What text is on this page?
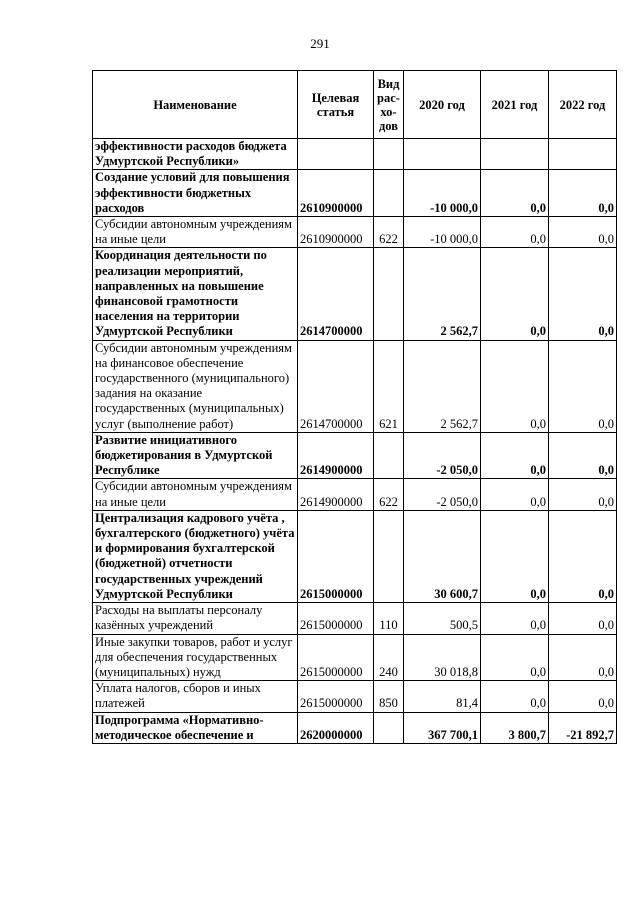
291
Наименование	Целевая статья	Вид рас-хо-дов	2020 год	2021 год	2022 год
эффективности расходов бюджета Удмуртской Республики»					
Создание условий для повышения эффективности бюджетных расходов	2610900000		-10 000,0	0,0	0,0
Субсидии автономным учреждениям на иные цели	2610900000	622	-10 000,0	0,0	0,0
Координация деятельности по реализации мероприятий, направленных на повышение финансовой грамотности населения на территории Удмуртской Республики	2614700000		2 562,7	0,0	0,0
Субсидии автономным учреждениям на финансовое обеспечение государственного (муниципального) задания на оказание государственных (муниципальных) услуг (выполнение работ)	2614700000	621	2 562,7	0,0	0,0
Развитие инициативного бюджетирования в Удмуртской Республике	2614900000		-2 050,0	0,0	0,0
Субсидии автономным учреждениям на иные цели	2614900000	622	-2 050,0	0,0	0,0
Централизация кадрового учёта , бухгалтерского (бюджетного) учёта и формирования бухгалтерской (бюджетной) отчетности государственных учреждений Удмуртской Республики	2615000000		30 600,7	0,0	0,0
Расходы на выплаты персоналу казённых учреждений	2615000000	110	500,5	0,0	0,0
Иные закупки товаров, работ и услуг для обеспечения государственных (муниципальных) нужд	2615000000	240	30 018,8	0,0	0,0
Уплата налогов, сборов и иных платежей	2615000000	850	81,4	0,0	0,0
Подпрограмма «Нормативно-методическое обеспечение и	2620000000		367 700,1	3 800,7	-21 892,7
